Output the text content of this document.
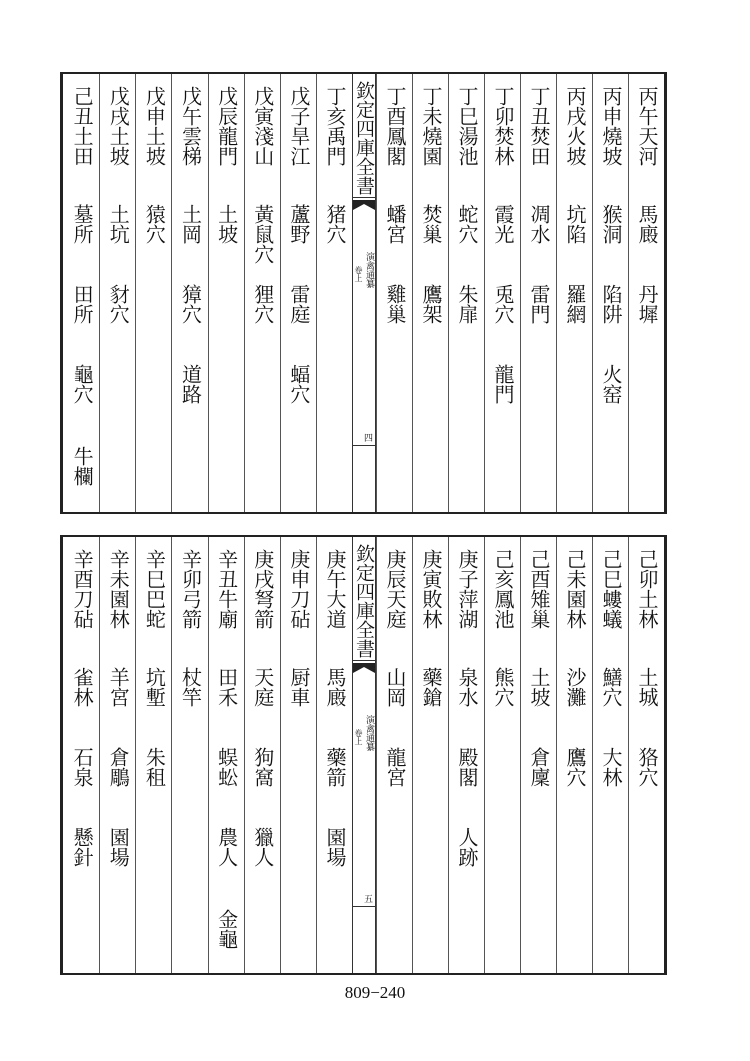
丙午天河
馬廄
丹墀
丙申燒坡
猴洞
陷阱
火窑
丙戌火坡
坑陷
羅網
丁丑焚田
凋水
雷門
丁卯焚林
霞光
兎穴
龍門
丁巳湯池
蛇穴
朱扉
丁未燒園
焚巢
鷹架
丁酉鳳閣
蟠宮
雞巢
欽定四庫全書
演禽通纂
卷上
四
丁亥禹門
猪穴
戊子旱江
蘆野
雷庭
蝠穴
戊寅淺山
黃鼠穴
狸穴
戊辰龍門
土坡
戊午雲梯
土岡
獐穴
道路
戊申土坡
猿穴
戊戌土坡
土坑
豺穴
己丑土田
墓所
田所
龜穴
牛欄
己卯土林
土城
狢穴
己巳螻蟻
鱔穴
大林
己未園林
沙灘
鷹穴
己酉雉巢
土坡
倉廩
己亥鳳池
熊穴
庚子萍湖
泉水
殿閣
人跡
庚寅敗林
藥鎗
庚辰天庭
山岡
龍宮
欽定四庫全書
演禽通纂
卷上
五
庚午大道
馬廄
藥箭
園場
庚申刀砧
厨車
庚戌弩箭
天庭
狗窩
獵人
辛丑牛廟
田禾
蜈蚣
農人
金龜
辛卯弓箭
杖竿
辛巳巴蛇
坑塹
朱租
辛未園林
羊宮
倉鵰
園場
辛酉刀砧
雀林
石泉
懸針
809−240
